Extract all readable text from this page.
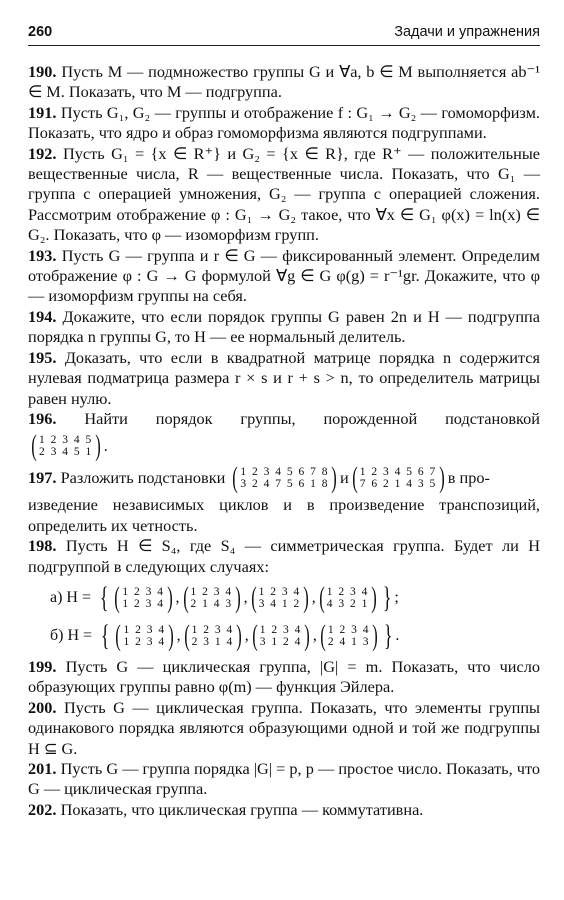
260	Задачи и упражнения

190. Пусть M — подмножество группы G и ∀a, b ∈ M выполняется ab⁻¹ ∈ M. Показать, что M — подгруппа.

191. Пусть G₁, G₂ — группы и отображение f : G₁ → G₂ — гомоморфизм. Показать, что ядро и образ гомоморфизма являются подгруппами.

192. Пусть G₁ = {x ∈ R⁺} и G₂ = {x ∈ R}, где R⁺ — положительные вещественные числа, R — вещественные числа. Показать, что G₁ — группа с операцией умножения, G₂ — группа с операцией сложения. Рассмотрим отображение φ : G₁ → G₂ такое, что ∀x ∈ G₁ φ(x) = ln(x) ∈ G₂. Показать, что φ — изоморфизм групп.

193. Пусть G — группа и r ∈ G — фиксированный элемент. Определим отображение φ : G → G формулой ∀g ∈ G φ(g) = r⁻¹gr. Докажите, что φ — изоморфизм группы на себя.

194. Докажите, что если порядок группы G равен 2n и H — подгруппа порядка n группы G, то H — ее нормальный делитель.

195. Доказать, что если в квадратной матрице порядка n содержится нулевая подматрица размера r × s и r + s > n, то определитель матрицы равен нулю.

196. Найти порядок группы, порожденной подстановкой

( 1 2 3 4 5
2 3 4 5 1 ) .
197.
Разложить подстановки
( 1 2 3 4 5 6 7 8
3 2 4 7 5 6 1 8 ) и ( 1 2 3 4 5 6 7
7 6 2 1 4 3 5 ) в про-

изведение независимых циклов и в произведение транспозиций, определить их четность.

198. Пусть H ∈ S₄, где S₄ — симметрическая группа. Будет ли H подгруппой в следующих случаях:

а) H = { ( 1 2 3 4
1 2 3 4 ) , ( 1 2 3 4
2 1 4 3 ) , ( 1 2 3 4
3 4 1 2 ) , ( 1 2 3 4
4 3 2 1 ) } ;
б) H = { ( 1 2 3 4
1 2 3 4 ) , ( 1 2 3 4
2 3 1 4 ) , ( 1 2 3 4
3 1 2 4 ) , ( 1 2 3 4
2 4 1 3 ) } .

199. Пусть G — циклическая группа, |G| = m. Показать, что число образующих группы равно φ(m) — функция Эйлера.

200. Пусть G — циклическая группа. Показать, что элементы группы одинакового порядка являются образующими одной и той же подгруппы H ⊆ G.

201. Пусть G — группа порядка |G| = p, p — простое число. Показать, что G — циклическая группа.

202. Показать, что циклическая группа — коммутативна.
